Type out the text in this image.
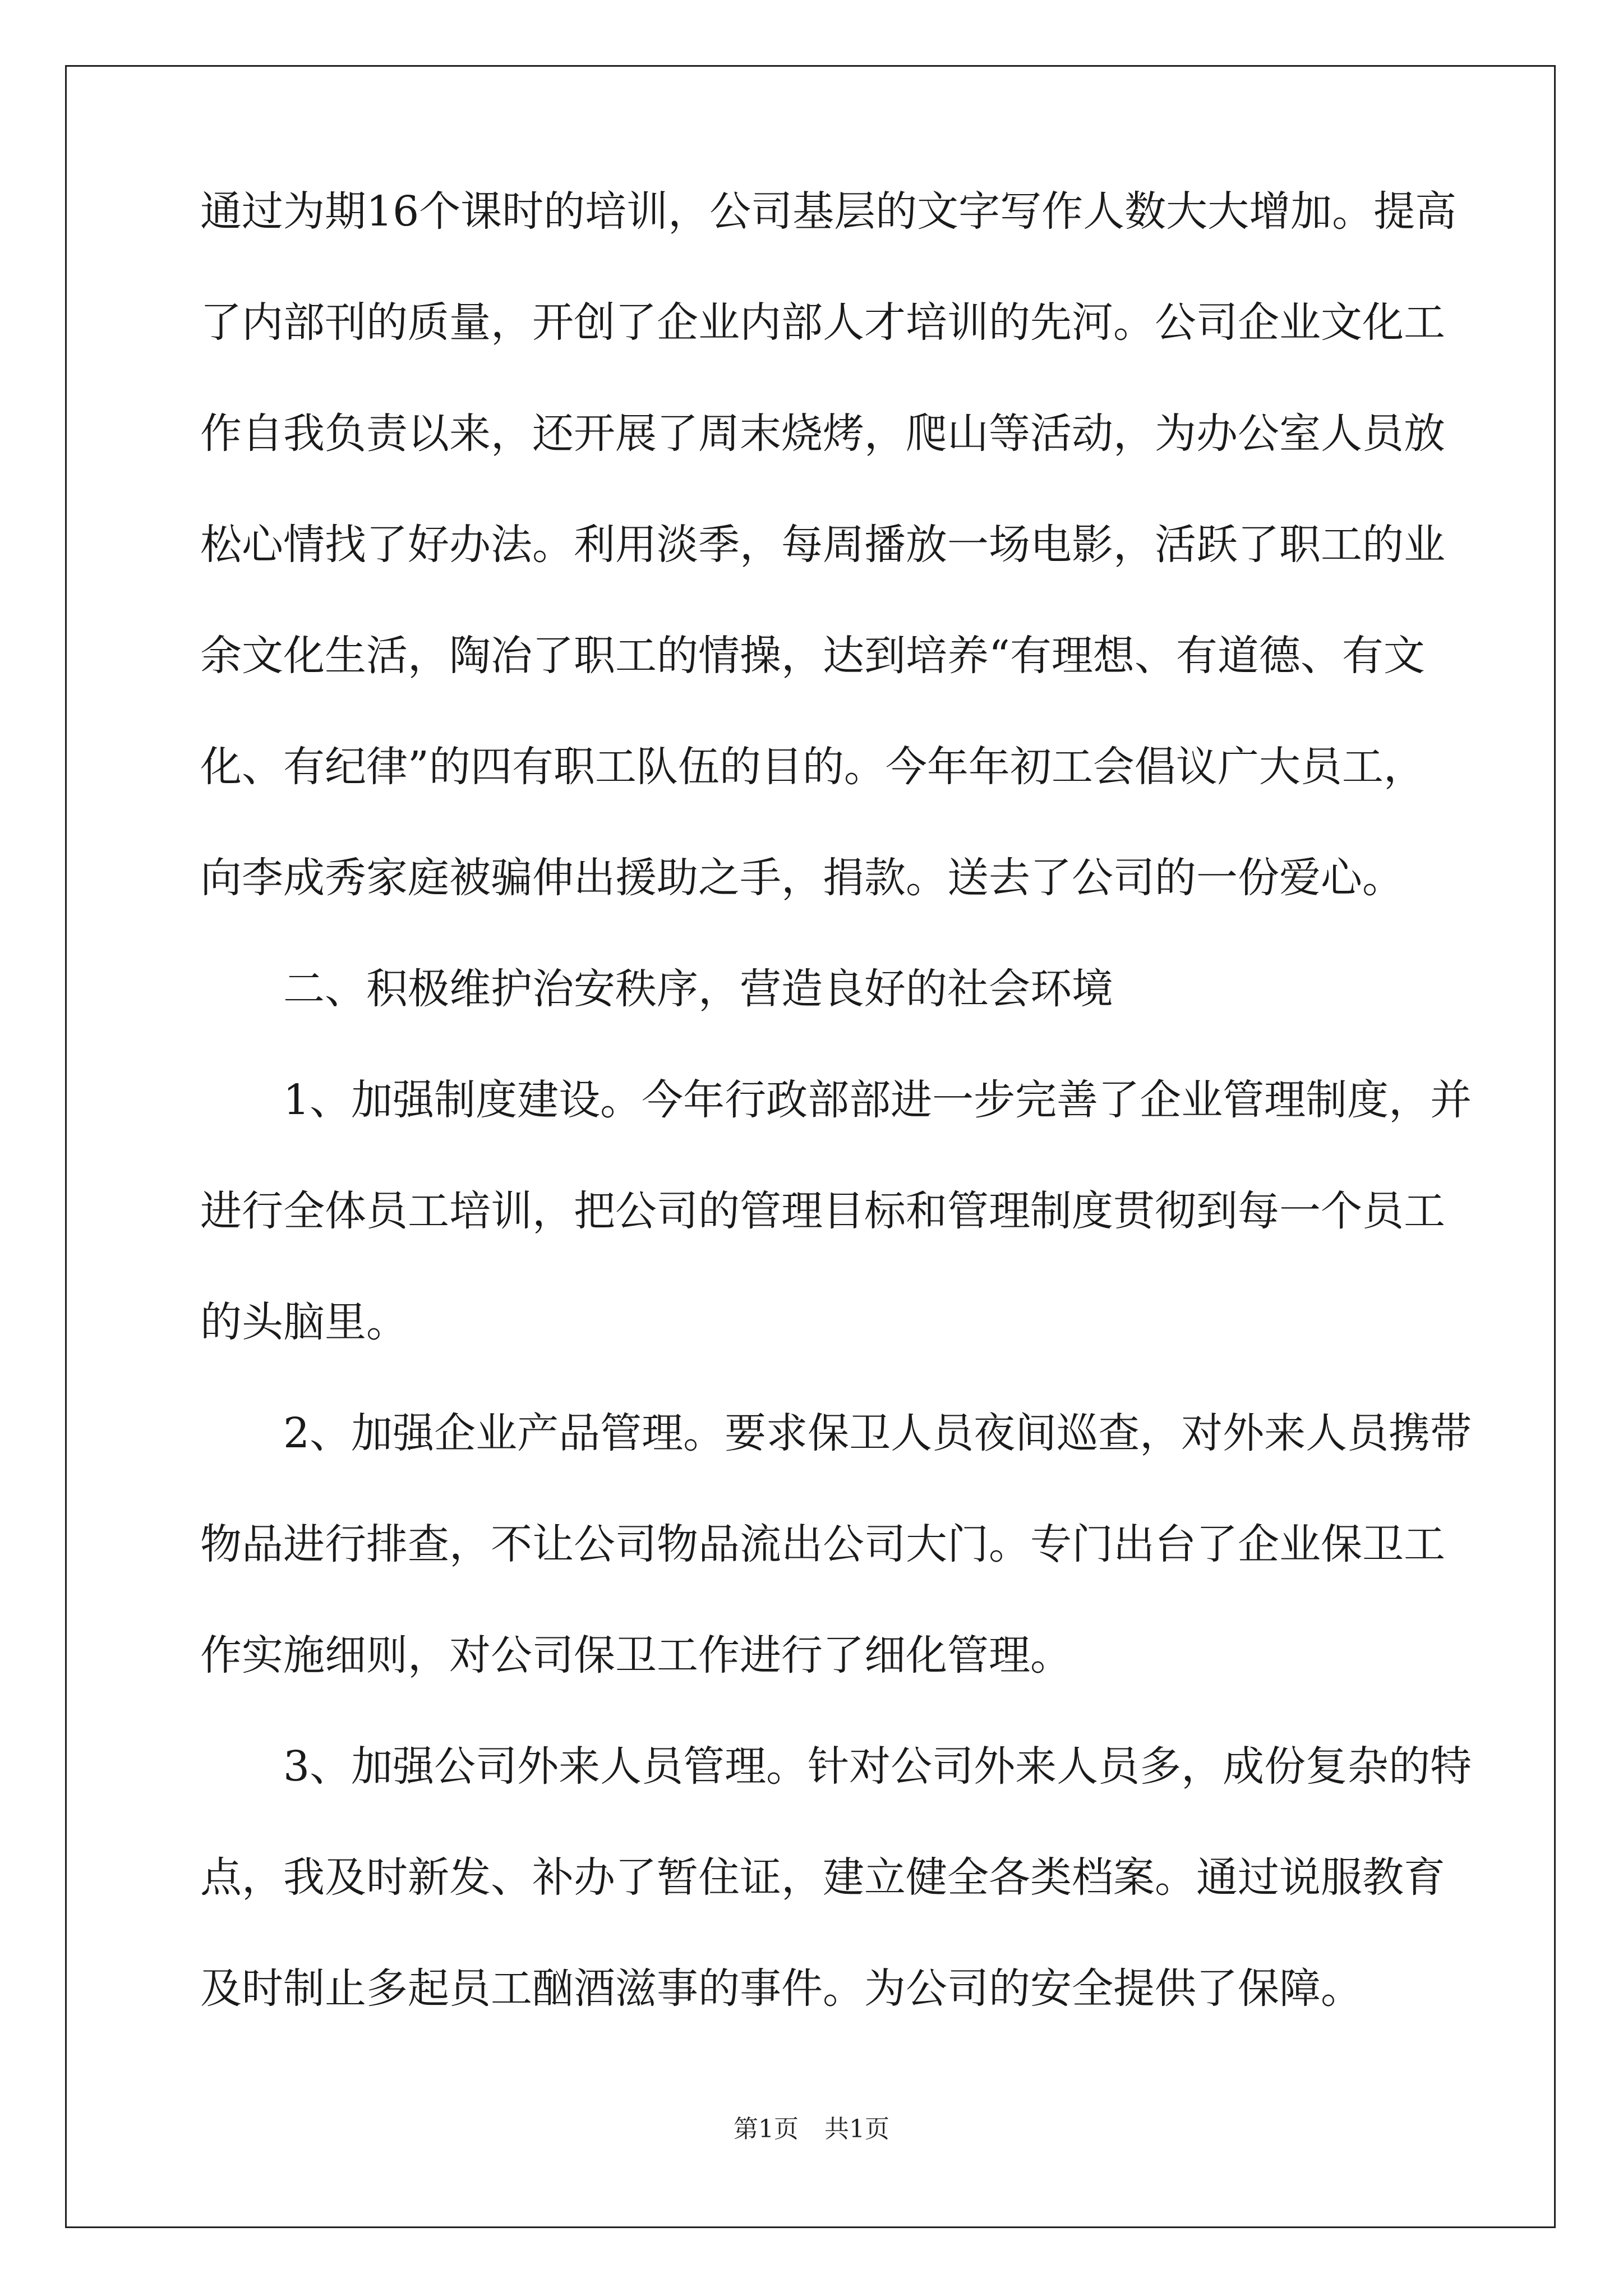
通过为期16个课时的培训，公司基层的文字写作人数大大增加。提高
了内部刊的质量，开创了企业内部人才培训的先河。公司企业文化工
作自我负责以来，还开展了周末烧烤，爬山等活动，为办公室人员放
松心情找了好办法。利用淡季，每周播放一场电影，活跃了职工的业
余文化生活，陶冶了职工的情操，达到培养“有理想、有道德、有文
化、有纪律”的四有职工队伍的目的。今年年初工会倡议广大员工，
向李成秀家庭被骗伸出援助之手，捐款。送去了公司的一份爱心。
二、积极维护治安秩序，营造良好的社会环境
1、加强制度建设。今年行政部部进一步完善了企业管理制度，并
进行全体员工培训，把公司的管理目标和管理制度贯彻到每一个员工
的头脑里。
2、加强企业产品管理。要求保卫人员夜间巡查，对外来人员携带
物品进行排查，不让公司物品流出公司大门。专门出台了企业保卫工
作实施细则，对公司保卫工作进行了细化管理。
3、加强公司外来人员管理。针对公司外来人员多，成份复杂的特
点，我及时新发、补办了暂住证，建立健全各类档案。通过说服教育
及时制止多起员工酗酒滋事的事件。为公司的安全提供了保障。
第1页 共1页
